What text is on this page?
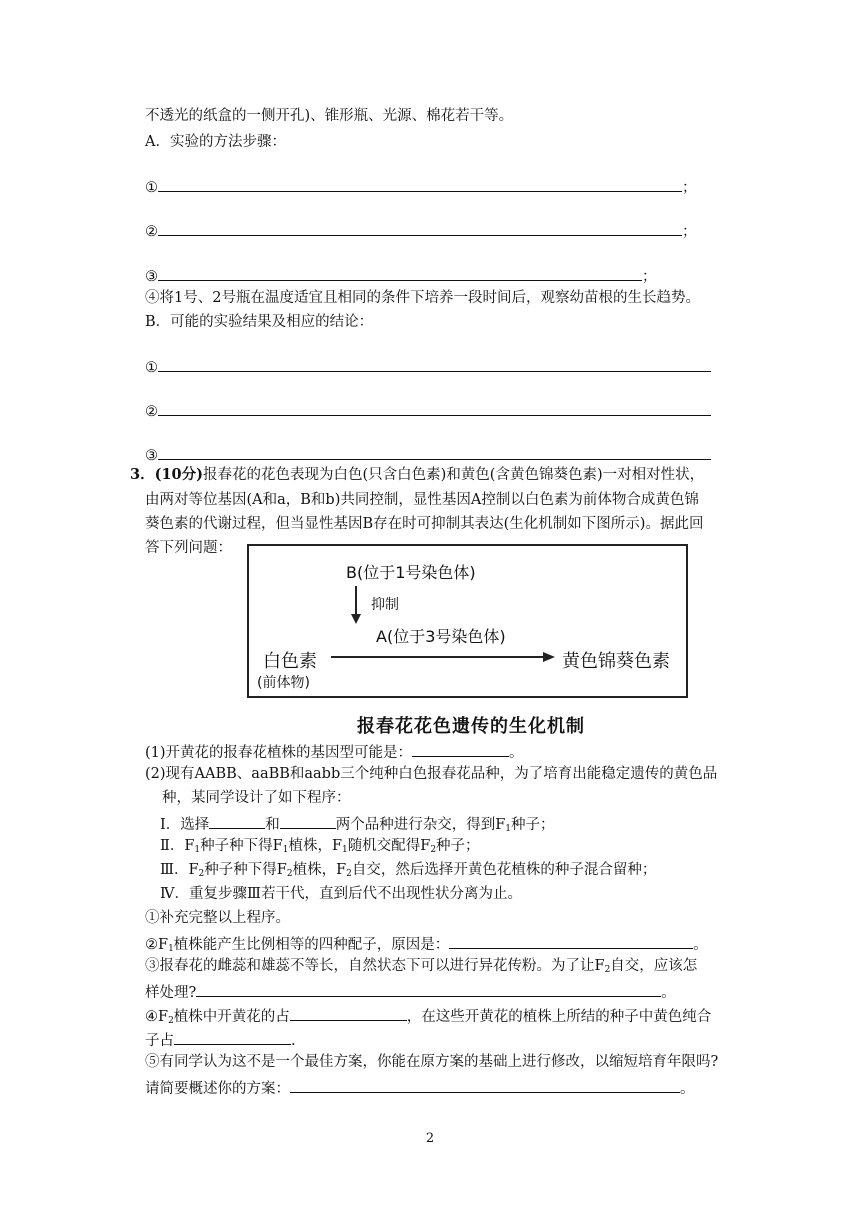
不透光的纸盒的一侧开孔)、锥形瓶、光源、棉花若干等。
A．实验的方法步骤：
①	；
②	；
③	；
④将1号、2号瓶在温度适宜且相同的条件下培养一段时间后，观察幼苗根的生长趋势。
B．可能的实验结果及相应的结论：
①
②
③
3．(10分)报春花的花色表现为白色(只含白色素)和黄色(含黄色锦葵色素)一对相对性状，
由两对等位基因(A和a，B和b)共同控制，显性基因A控制以白色素为前体物合成黄色锦
葵色素的代谢过程，但当显性基因B存在时可抑制其表达(生化机制如下图所示)。据此回
答下列问题：
B(位于1号染色体)
抑制
A(位于3号染色体)
白色素
(前体物)
黄色锦葵色素
报春花花色遗传的生化机制
(1)开黄花的报春花植株的基因型可能是：	。
(2)现有AABB、aaBB和aabb三个纯种白色报春花品种，为了培育出能稳定遗传的黄色品
种，某同学设计了如下程序：
Ⅰ．选择	和	两个品种进行杂交，得到$F_1$种子；
Ⅱ．$F_1$种子种下得$F_1$植株，$F_1$随机交配得$F_2$种子；
Ⅲ．$F_2$种子种下得$F_2$植株，$F_2$自交，然后选择开黄色花植株的种子混合留种；
Ⅳ．重复步骤Ⅲ若干代，直到后代不出现性状分离为止。
①补充完整以上程序。
$②F_1$植株能产生比例相等的四种配子，原因是：	。
③报春花的雌蕊和雄蕊不等长，自然状态下可以进行异花传粉。为了让$F_2$自交，应该怎
样处理?	。
$④F_2$植株中开黄花的占	，在这些开黄花的植株上所结的种子中黄色纯合
子占	.
⑤有同学认为这不是一个最佳方案，你能在原方案的基础上进行修改，以缩短培育年限吗?
请简要概述你的方案：	。
2
